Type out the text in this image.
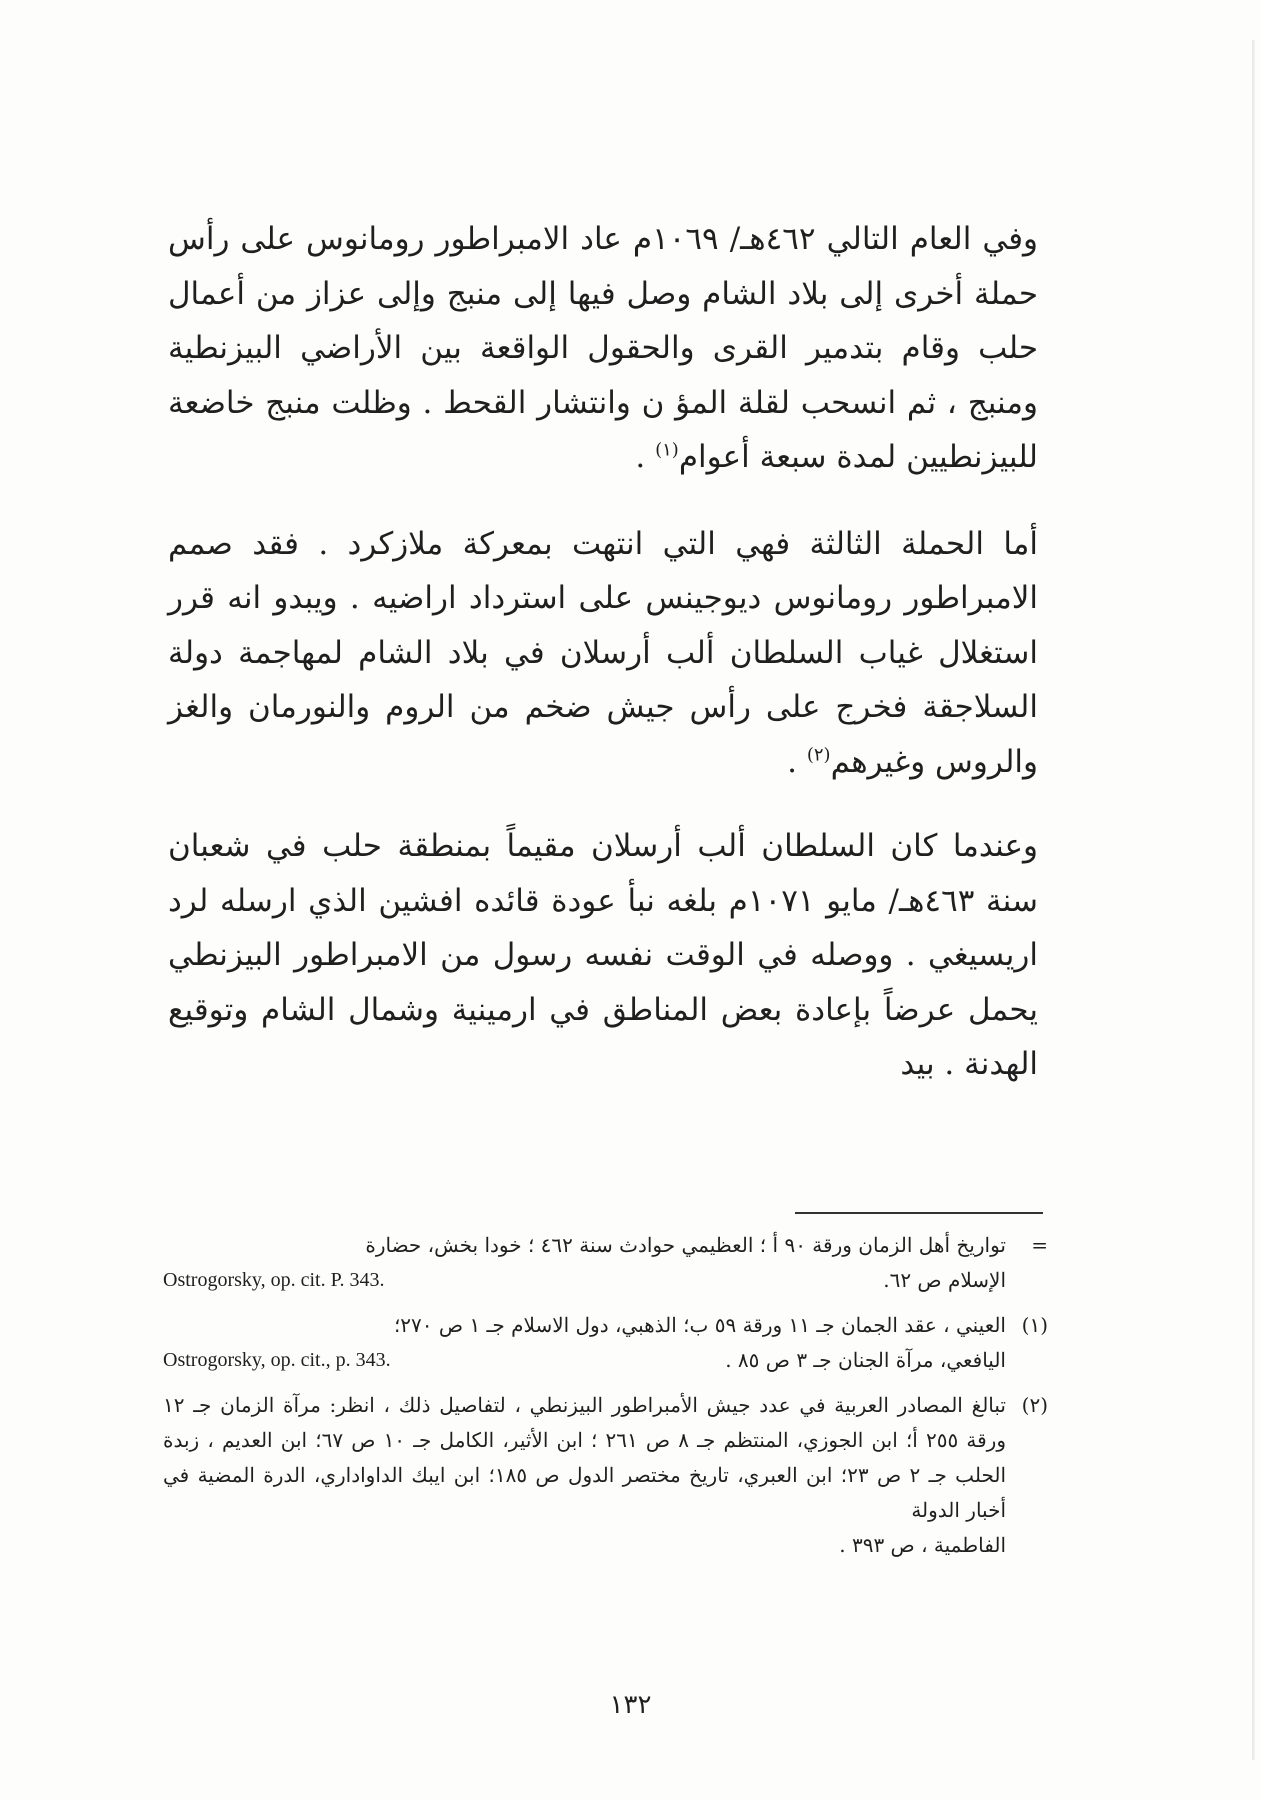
وفي العام التالي ٤٦٢هـ/ ١٠٦٩م عاد الامبراطور رومانوس على رأس حملة أخرى إلى بلاد الشام وصل فيها إلى منبج وإلى عزاز من أعمال حلب وقام بتدمير القرى والحقول الواقعة بين الأراضي البيزنطية ومنبج ، ثم انسحب لقلة المؤ ن وانتشار القحط . وظلت منبج خاضعة للبيزنطيين لمدة سبعة أعوام$^{(١)}$ .

أما الحملة الثالثة فهي التي انتهت بمعركة ملازكرد . فقد صمم الامبراطور رومانوس ديوجينس على استرداد اراضيه . ويبدو انه قرر استغلال غياب السلطان ألب أرسلان في بلاد الشام لمهاجمة دولة السلاجقة فخرج على رأس جيش ضخم من الروم والنورمان والغز والروس وغيرهم$^{(٢)}$ .

وعندما كان السلطان ألب أرسلان مقيماً بمنطقة حلب في شعبان سنة ٤٦٣هـ/ مايو ١٠٧١م بلغه نبأ عودة قائده افشين الذي ارسله لرد اريسيغي . ووصله في الوقت نفسه رسول من الامبراطور البيزنطي يحمل عرضاً بإعادة بعض المناطق في ارمينية وشمال الشام وتوقيع الهدنة . بيد

=
تواريخ أهل الزمان ورقة ٩٠ أ ؛ العظيمي حوادث سنة ٤٦٢ ؛ خودا بخش، حضارة
الإسلام ص ٦٢.
Ostrogorsky, op. cit. P. 343.
(١)
العيني ، عقد الجمان جـ ١١ ورقة ٥٩ ب؛ الذهبي، دول الاسلام جـ ١ ص ٢٧٠؛
اليافعي، مرآة الجنان جـ ٣ ص ٨٥ .
Ostrogorsky, op. cit., p. 343.
(٢)
تبالغ المصادر العربية في عدد جيش الأمبراطور البيزنطي ، لتفاصيل ذلك ، انظر: مرآة الزمان جـ ١٢ ورقة ٢٥٥ أ؛ ابن الجوزي، المنتظم جـ ٨ ص ٢٦١ ؛ ابن الأثير، الكامل جـ ١٠ ص ٦٧؛ ابن العديم ، زبدة الحلب جـ ٢ ص ٢٣؛ ابن العبري، تاريخ مختصر الدول ص ١٨٥؛ ابن ايبك الداواداري، الدرة المضية في أخبار الدولة
الفاطمية ، ص ٣٩٣ .
١٣٢
